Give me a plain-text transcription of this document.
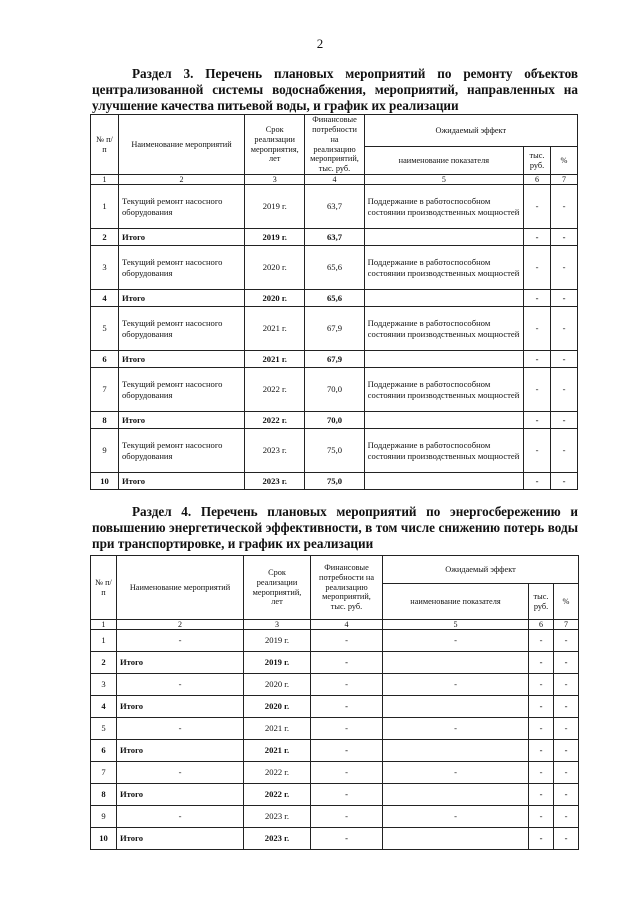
2
Раздел 3. Перечень плановых мероприятий по ремонту объектов централизованной системы водоснабжения, мероприятий, направленных на улучшение качества питьевой воды, и график их реализации
№ п/п	Наименование мероприятий	Срок реализации мероприятия, лет	Финансовые потребности на реализацию мероприятий, тыс. руб.	Ожидаемый эффект		
				наименование показателя	тыс. руб.	%
1	2	3	4	5	6	7
1	Текущий ремонт насосного оборудования	2019 г.	63,7	Поддержание в работоспособном состоянии производственных мощностей	-	-
2	Итого	2019 г.	63,7		-	-
3	Текущий ремонт насосного оборудования	2020 г.	65,6	Поддержание в работоспособном состоянии производственных мощностей	-	-
4	Итого	2020 г.	65,6		-	-
5	Текущий ремонт насосного оборудования	2021 г.	67,9	Поддержание в работоспособном состоянии производственных мощностей	-	-
6	Итого	2021 г.	67,9		-	-
7	Текущий ремонт насосного оборудования	2022 г.	70,0	Поддержание в работоспособном состоянии производственных мощностей	-	-
8	Итого	2022 г.	70,0		-	-
9	Текущий ремонт насосного оборудования	2023 г.	75,0	Поддержание в работоспособном состоянии производственных мощностей	-	-
10	Итого	2023 г.	75,0		-	-
Раздел 4. Перечень плановых мероприятий по энергосбережению и повышению энергетической эффективности, в том числе снижению потерь воды при транспортировке, и график их реализации
№ п/п	Наименование мероприятий	Срок реализации мероприятий, лет	Финансовые потребности на реализацию мероприятий, тыс. руб.	Ожидаемый эффект		
				наименование показателя	тыс. руб.	%
1	2	3	4	5	6	7
1	-	2019 г.	-	-	-	-
2	Итого	2019 г.	-		-	-
3	-	2020 г.	-	-	-	-
4	Итого	2020 г.	-		-	-
5	-	2021 г.	-	-	-	-
6	Итого	2021 г.	-		-	-
7	-	2022 г.	-	-	-	-
8	Итого	2022 г.	-		-	-
9	-	2023 г.	-	-	-	-
10	Итого	2023 г.	-		-	-
